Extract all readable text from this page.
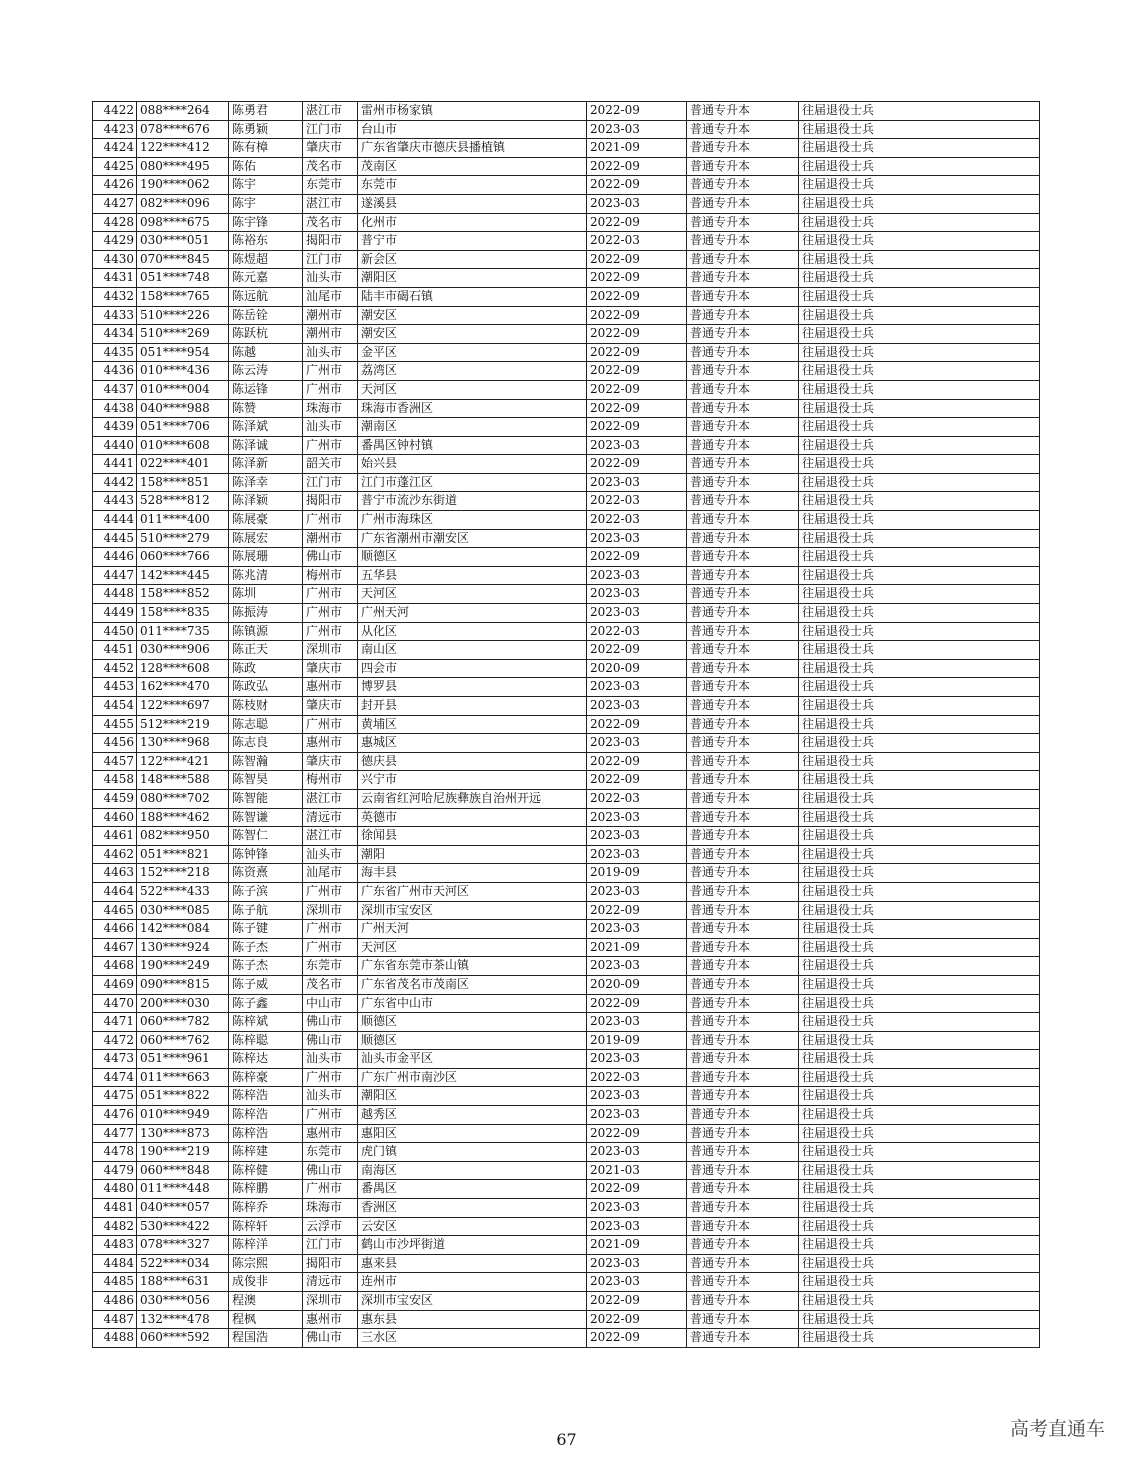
4422	088****264	陈勇君	湛江市	雷州市杨家镇	2022-09	普通专升本	往届退役士兵
4423	078****676	陈勇颖	江门市	台山市	2023-03	普通专升本	往届退役士兵
4424	122****412	陈有樟	肇庆市	广东省肇庆市德庆县播植镇	2021-09	普通专升本	往届退役士兵
4425	080****495	陈佑	茂名市	茂南区	2022-09	普通专升本	往届退役士兵
4426	190****062	陈宇	东莞市	东莞市	2022-09	普通专升本	往届退役士兵
4427	082****096	陈宇	湛江市	遂溪县	2023-03	普通专升本	往届退役士兵
4428	098****675	陈宇锋	茂名市	化州市	2022-09	普通专升本	往届退役士兵
4429	030****051	陈裕东	揭阳市	普宁市	2022-03	普通专升本	往届退役士兵
4430	070****845	陈煜超	江门市	新会区	2022-09	普通专升本	往届退役士兵
4431	051****748	陈元嘉	汕头市	潮阳区	2022-09	普通专升本	往届退役士兵
4432	158****765	陈远航	汕尾市	陆丰市碣石镇	2022-09	普通专升本	往届退役士兵
4433	510****226	陈岳铨	潮州市	潮安区	2022-09	普通专升本	往届退役士兵
4434	510****269	陈跃杭	潮州市	潮安区	2022-09	普通专升本	往届退役士兵
4435	051****954	陈越	汕头市	金平区	2022-09	普通专升本	往届退役士兵
4436	010****436	陈云涛	广州市	荔湾区	2022-09	普通专升本	往届退役士兵
4437	010****004	陈运锋	广州市	天河区	2022-09	普通专升本	往届退役士兵
4438	040****988	陈赞	珠海市	珠海市香洲区	2022-09	普通专升本	往届退役士兵
4439	051****706	陈泽斌	汕头市	潮南区	2022-09	普通专升本	往届退役士兵
4440	010****608	陈泽诚	广州市	番禺区钟村镇	2023-03	普通专升本	往届退役士兵
4441	022****401	陈泽新	韶关市	始兴县	2022-09	普通专升本	往届退役士兵
4442	158****851	陈泽幸	江门市	江门市蓬江区	2023-03	普通专升本	往届退役士兵
4443	528****812	陈泽颖	揭阳市	普宁市流沙东街道	2022-03	普通专升本	往届退役士兵
4444	011****400	陈展豪	广州市	广州市海珠区	2022-03	普通专升本	往届退役士兵
4445	510****279	陈展宏	潮州市	广东省潮州市潮安区	2023-03	普通专升本	往届退役士兵
4446	060****766	陈展珊	佛山市	顺德区	2022-09	普通专升本	往届退役士兵
4447	142****445	陈兆清	梅州市	五华县	2023-03	普通专升本	往届退役士兵
4448	158****852	陈圳	广州市	天河区	2023-03	普通专升本	往届退役士兵
4449	158****835	陈振涛	广州市	广州天河	2023-03	普通专升本	往届退役士兵
4450	011****735	陈镇源	广州市	从化区	2022-03	普通专升本	往届退役士兵
4451	030****906	陈正天	深圳市	南山区	2022-09	普通专升本	往届退役士兵
4452	128****608	陈政	肇庆市	四会市	2020-09	普通专升本	往届退役士兵
4453	162****470	陈政弘	惠州市	博罗县	2023-03	普通专升本	往届退役士兵
4454	122****697	陈枝财	肇庆市	封开县	2023-03	普通专升本	往届退役士兵
4455	512****219	陈志聪	广州市	黄埔区	2022-09	普通专升本	往届退役士兵
4456	130****968	陈志良	惠州市	惠城区	2023-03	普通专升本	往届退役士兵
4457	122****421	陈智瀚	肇庆市	德庆县	2022-09	普通专升本	往届退役士兵
4458	148****588	陈智昊	梅州市	兴宁市	2022-09	普通专升本	往届退役士兵
4459	080****702	陈智能	湛江市	云南省红河哈尼族彝族自治州开远	2022-03	普通专升本	往届退役士兵
4460	188****462	陈智谦	清远市	英德市	2023-03	普通专升本	往届退役士兵
4461	082****950	陈智仁	湛江市	徐闻县	2023-03	普通专升本	往届退役士兵
4462	051****821	陈钟锋	汕头市	潮阳	2023-03	普通专升本	往届退役士兵
4463	152****218	陈资熹	汕尾市	海丰县	2019-09	普通专升本	往届退役士兵
4464	522****433	陈子滨	广州市	广东省广州市天河区	2023-03	普通专升本	往届退役士兵
4465	030****085	陈子航	深圳市	深圳市宝安区	2022-09	普通专升本	往届退役士兵
4466	142****084	陈子键	广州市	广州天河	2023-03	普通专升本	往届退役士兵
4467	130****924	陈子杰	广州市	天河区	2021-09	普通专升本	往届退役士兵
4468	190****249	陈子杰	东莞市	广东省东莞市茶山镇	2023-03	普通专升本	往届退役士兵
4469	090****815	陈子威	茂名市	广东省茂名市茂南区	2020-09	普通专升本	往届退役士兵
4470	200****030	陈子鑫	中山市	广东省中山市	2022-09	普通专升本	往届退役士兵
4471	060****782	陈梓斌	佛山市	顺德区	2023-03	普通专升本	往届退役士兵
4472	060****762	陈梓聪	佛山市	顺德区	2019-09	普通专升本	往届退役士兵
4473	051****961	陈梓达	汕头市	汕头市金平区	2023-03	普通专升本	往届退役士兵
4474	011****663	陈梓豪	广州市	广东广州市南沙区	2022-03	普通专升本	往届退役士兵
4475	051****822	陈梓浩	汕头市	潮阳区	2023-03	普通专升本	往届退役士兵
4476	010****949	陈梓浩	广州市	越秀区	2023-03	普通专升本	往届退役士兵
4477	130****873	陈梓浩	惠州市	惠阳区	2022-09	普通专升本	往届退役士兵
4478	190****219	陈梓建	东莞市	虎门镇	2023-03	普通专升本	往届退役士兵
4479	060****848	陈梓健	佛山市	南海区	2021-03	普通专升本	往届退役士兵
4480	011****448	陈梓鹏	广州市	番禺区	2022-09	普通专升本	往届退役士兵
4481	040****057	陈梓乔	珠海市	香洲区	2023-03	普通专升本	往届退役士兵
4482	530****422	陈梓轩	云浮市	云安区	2023-03	普通专升本	往届退役士兵
4483	078****327	陈梓洋	江门市	鹤山市沙坪街道	2021-09	普通专升本	往届退役士兵
4484	522****034	陈宗熙	揭阳市	惠来县	2023-03	普通专升本	往届退役士兵
4485	188****631	成俊非	清远市	连州市	2023-03	普通专升本	往届退役士兵
4486	030****056	程澳	深圳市	深圳市宝安区	2022-09	普通专升本	往届退役士兵
4487	132****478	程枫	惠州市	惠东县	2022-09	普通专升本	往届退役士兵
4488	060****592	程国浩	佛山市	三水区	2022-09	普通专升本	往届退役士兵
67	高考直通车
